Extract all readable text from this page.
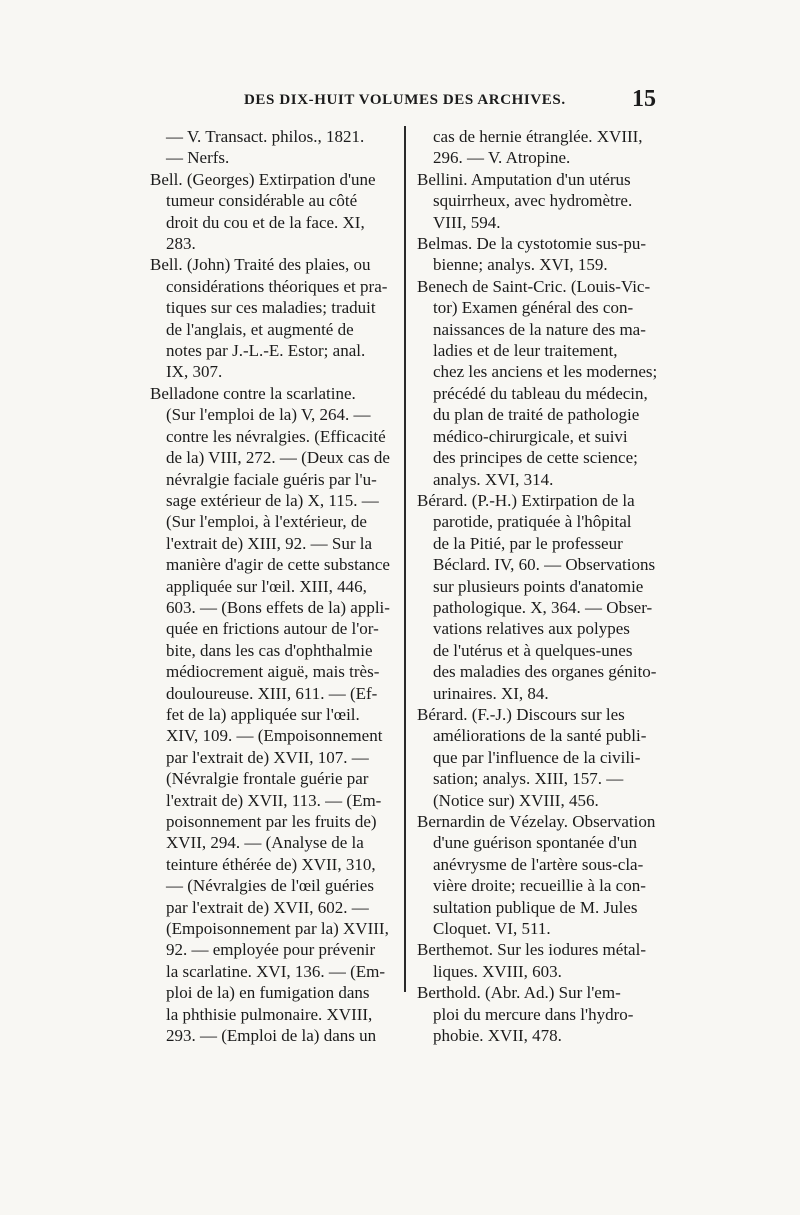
DES DIX-HUIT VOLUMES DES ARCHIVES.	15
— V. Transact. philos., 1821.
— Nerfs.
Bell. (Georges) Extirpation d'une
tumeur considérable au côté
droit du cou et de la face. XI,
283.
Bell. (John) Traité des plaies, ou
considérations théoriques et pra-
tiques sur ces maladies; traduit
de l'anglais, et augmenté de
notes par J.-L.-E. Estor; anal.
IX, 307.
Belladone contre la scarlatine.
(Sur l'emploi de la) V, 264. —
contre les névralgies. (Efficacité
de la) VIII, 272. — (Deux cas de
névralgie faciale guéris par l'u-
sage extérieur de la) X, 115. —
(Sur l'emploi, à l'extérieur, de
l'extrait de) XIII, 92. — Sur la
manière d'agir de cette substance
appliquée sur l'œil. XIII, 446,
603. — (Bons effets de la) appli-
quée en frictions autour de l'or-
bite, dans les cas d'ophthalmie
médiocrement aiguë, mais très-
douloureuse. XIII, 611. — (Ef-
fet de la) appliquée sur l'œil.
XIV, 109. — (Empoisonnement
par l'extrait de) XVII, 107. —
(Névralgie frontale guérie par
l'extrait de) XVII, 113. — (Em-
poisonnement par les fruits de)
XVII, 294. — (Analyse de la
teinture éthérée de) XVII, 310,
— (Névralgies de l'œil guéries
par l'extrait de) XVII, 602. —
(Empoisonnement par la) XVIII,
92. — employée pour prévenir
la scarlatine. XVI, 136. — (Em-
ploi de la) en fumigation dans
la phthisie pulmonaire. XVIII,
293. — (Emploi de la) dans un
cas de hernie étranglée. XVIII,
296. — V. Atropine.
Bellini. Amputation d'un utérus
squirrheux, avec hydromètre.
VIII, 594.
Belmas. De la cystotomie sus-pu-
bienne; analys. XVI, 159.
Benech de Saint-Cric. (Louis-Vic-
tor) Examen général des con-
naissances de la nature des ma-
ladies et de leur traitement,
chez les anciens et les modernes;
précédé du tableau du médecin,
du plan de traité de pathologie
médico-chirurgicale, et suivi
des principes de cette science;
analys. XVI, 314.
Bérard. (P.-H.) Extirpation de la
parotide, pratiquée à l'hôpital
de la Pitié, par le professeur
Béclard. IV, 60. — Observations
sur plusieurs points d'anatomie
pathologique. X, 364. — Obser-
vations relatives aux polypes
de l'utérus et à quelques-unes
des maladies des organes génito-
urinaires. XI, 84.
Bérard. (F.-J.) Discours sur les
améliorations de la santé publi-
que par l'influence de la civili-
sation; analys. XIII, 157. —
(Notice sur) XVIII, 456.
Bernardin de Vézelay. Observation
d'une guérison spontanée d'un
anévrysme de l'artère sous-cla-
vière droite; recueillie à la con-
sultation publique de M. Jules
Cloquet. VI, 511.
Berthemot. Sur les iodures métal-
liques. XVIII, 603.
Berthold. (Abr. Ad.) Sur l'em-
ploi du mercure dans l'hydro-
phobie. XVII, 478.
